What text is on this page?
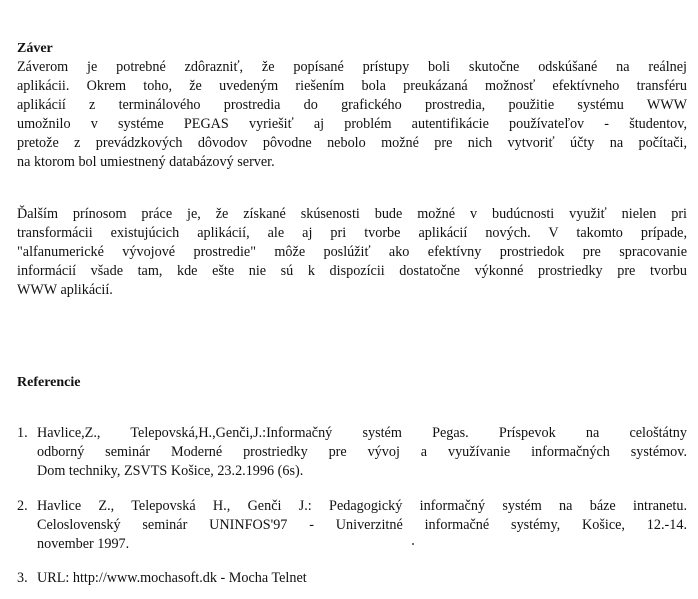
Záver
Záverom je potrebné zdôrazniť, že popísané prístupy boli skutočne odskúšané na reálnej
aplikácii. Okrem toho, že uvedeným riešením bola preukázaná možnosť efektívneho transféru
aplikácií z terminálového prostredia do grafického prostredia, použitie systému WWW
umožnilo v systéme PEGAS vyriešiť aj problém autentifikácie používateľov - študentov,
pretože z prevádzkových dôvodov pôvodne nebolo možné pre nich vytvoriť účty na počítači,
na ktorom bol umiestnený databázový server.
Ďalším prínosom práce je, že získané skúsenosti bude možné v budúcnosti využiť nielen pri
transformácii existujúcich aplikácií, ale aj pri tvorbe aplikácií nových. V takomto prípade,
"alfanumerické vývojové prostredie" môže poslúžiť ako efektívny prostriedok pre spracovanie
informácií všade tam, kde ešte nie sú k dispozícii dostatočne výkonné prostriedky pre tvorbu
WWW aplikácií.
Referencie
1. Havlice,Z., Telepovská,H.,Genči,J.:Informačný systém Pegas. Príspevok na celoštátny
odborný seminár Moderné prostriedky pre vývoj a využívanie informačných systémov.
Dom techniky, ZSVTS Košice, 23.2.1996 (6s).
2. Havlice Z., Telepovská H., Genči J.: Pedagogický informačný systém na báze intranetu.
Celoslovenský seminár UNINFOS'97 - Univerzitné informačné systémy, Košice, 12.-14.
november 1997.
3. URL: http://www.mochasoft.dk - Mocha Telnet
